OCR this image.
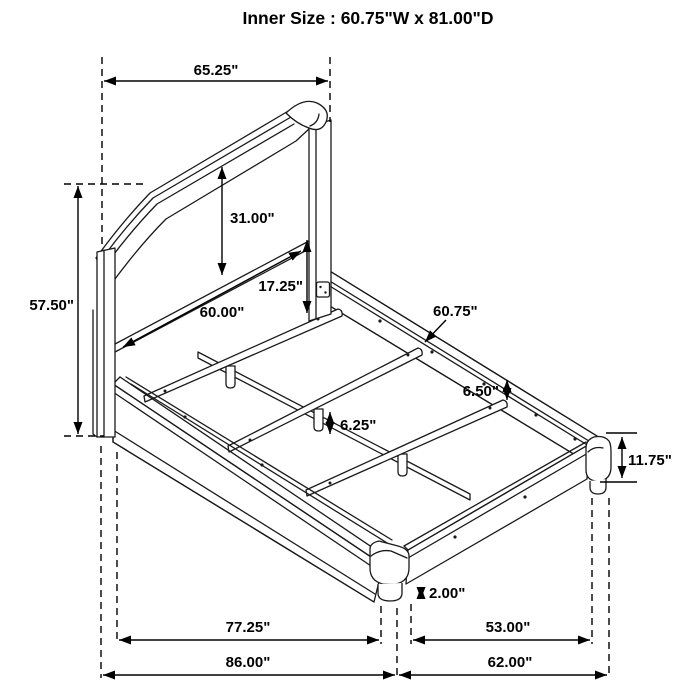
65.25"
57.50"
31.00"
17.25"
60.00"	60.75"
6.50"
6.25"
11.75"
2.00"
77.25"	53.00"
86.00"	62.00"
Inner Size : 60.75"W x 81.00"D
